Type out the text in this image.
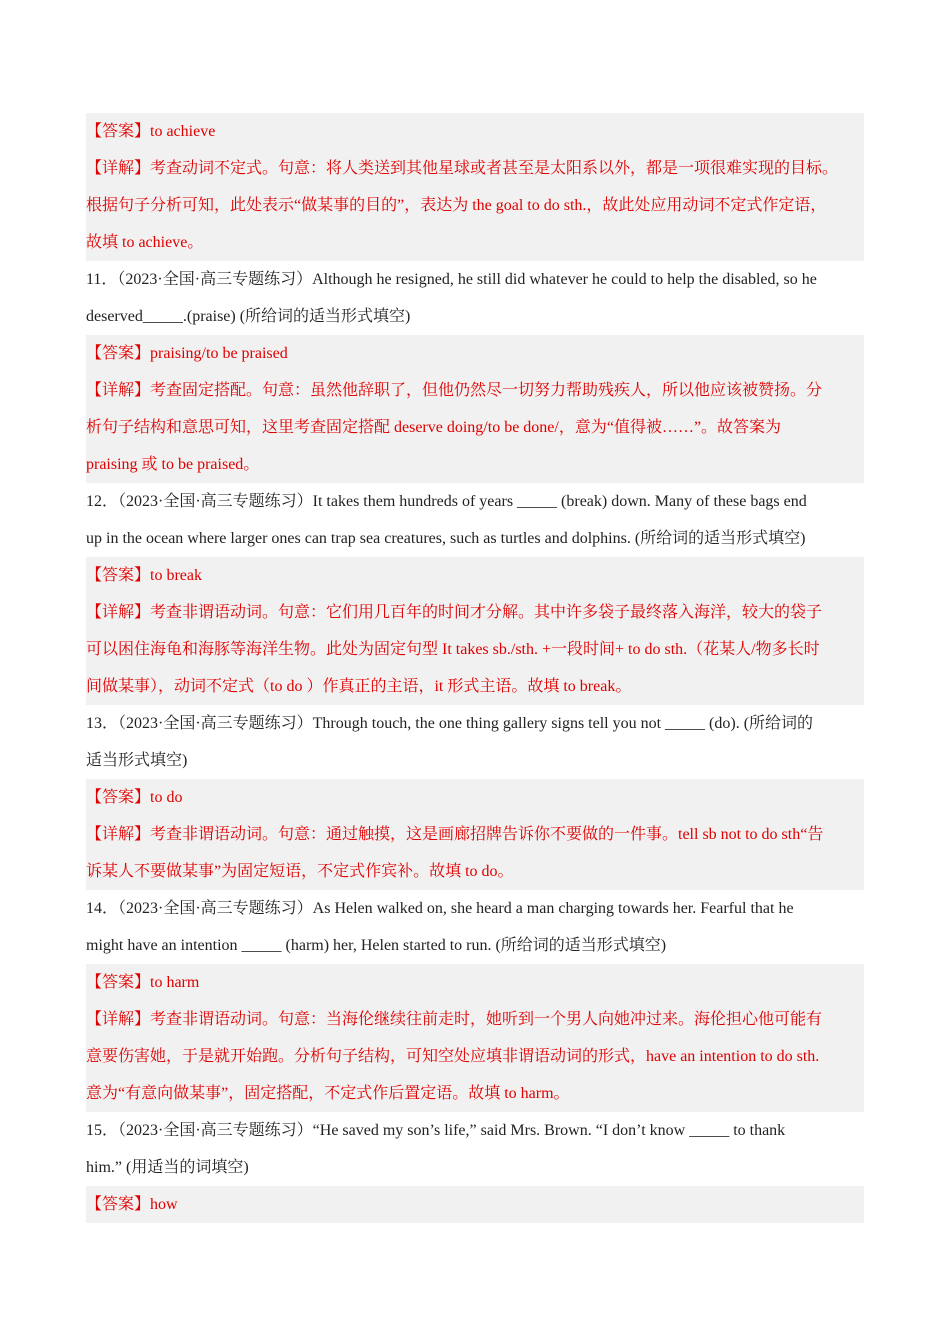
【答案】to achieve
【详解】考查动词不定式。句意：将人类送到其他星球或者甚至是太阳系以外，都是一项很难实现的目标。
根据句子分析可知，此处表示“做某事的目的”，表达为 the goal to do sth.，故此处应用动词不定式作定语，
故填 to achieve。
11．（2023·全国·高三专题练习）Although he resigned, he still did whatever he could to help the disabled, so he
deserved_____.(praise) (所给词的适当形式填空)
【答案】praising/to be praised
【详解】考查固定搭配。句意：虽然他辞职了，但他仍然尽一切努力帮助残疾人，所以他应该被赞扬。分
析句子结构和意思可知，这里考查固定搭配 deserve doing/to be done/，意为“值得被……”。故答案为
praising 或 to be praised。
12．（2023·全国·高三专题练习）It takes them hundreds of years _____ (break) down. Many of these bags end
up in the ocean where larger ones can trap sea creatures, such as turtles and dolphins. (所给词的适当形式填空)
【答案】to break
【详解】考查非谓语动词。句意：它们用几百年的时间才分解。其中许多袋子最终落入海洋，较大的袋子
可以困住海龟和海豚等海洋生物。此处为固定句型 It takes sb./sth. +一段时间+ to do sth.（花某人/物多长时
间做某事），动词不定式（to do ）作真正的主语，it 形式主语。故填 to break。
13．（2023·全国·高三专题练习）Through touch, the one thing gallery signs tell you not _____ (do). (所给词的
适当形式填空)
【答案】to do
【详解】考查非谓语动词。句意：通过触摸，这是画廊招牌告诉你不要做的一件事。tell sb not to do sth“告
诉某人不要做某事”为固定短语，不定式作宾补。故填 to do。
14．（2023·全国·高三专题练习）As Helen walked on, she heard a man charging towards her. Fearful that he
might have an intention _____ (harm) her, Helen started to run. (所给词的适当形式填空)
【答案】to harm
【详解】考查非谓语动词。句意：当海伦继续往前走时，她听到一个男人向她冲过来。海伦担心他可能有
意要伤害她，于是就开始跑。分析句子结构，可知空处应填非谓语动词的形式，have an intention to do sth.
意为“有意向做某事”，固定搭配，不定式作后置定语。故填 to harm。
15．（2023·全国·高三专题练习）“He saved my son’s life,” said Mrs. Brown. “I don’t know _____ to thank
him.” (用适当的词填空)
【答案】how
